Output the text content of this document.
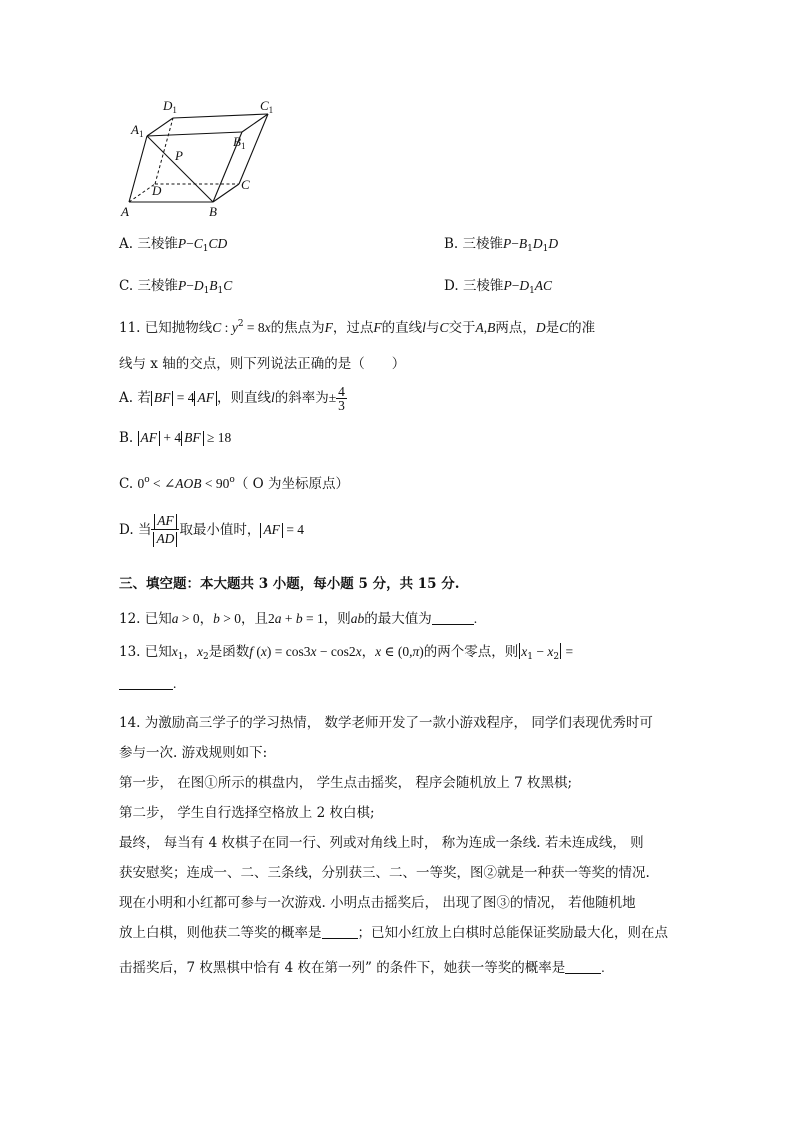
$D_1$	$C_1$
$A_1$	$B_1$
P
D	C
A	B
A. 三棱锥$P-C_1CD$	B. 三棱锥$P-B_1D_1D$
C. 三棱锥$P-D_1B_1C$	D. 三棱锥$P-D_1AC$
11. 已知抛物线C : $y^2 = 8x$的焦点为F，过点F的直线l与C交于A,B两点，D是C的准
线与 x 轴的交点，则下列说法正确的是（　　）
A. 若 BF = 4 AF ，则直线l的斜率为± $\frac{4}{3}$
B. AF + 4 BF ≥ 18
C. $0^o$ < ∠AOB < $90^o$（ O 为坐标原点）
D. 当 $\frac{AF}{AD}$ 取最小值时， AF = 4
三、填空题：本大题共 3 小题，每小题 5 分，共 15 分.
12. 已知a > 0，b > 0，且2a + b = 1，则ab的最大值为	.
13. 已知$x_1$，$x_2$是函数f (x) = cos3x − cos2x，x ∈ (0,π)的两个零点，则 $x_1 - x_2$ =
.
14. 为激励高三学子的学习热情， 数学老师开发了一款小游戏程序， 同学们表现优秀时可
参与一次. 游戏规则如下:
第一步， 在图①所示的棋盘内， 学生点击摇奖， 程序会随机放上 7 枚黑棋;
第二步， 学生自行选择空格放上 2 枚白棋;
最终， 每当有 4 枚棋子在同一行、列或对角线上时， 称为连成一条线. 若未连成线， 则
获安慰奖；连成一、二、三条线，分别获三、二、一等奖，图②就是一种获一等奖的情况.
现在小明和小红都可参与一次游戏. 小明点击摇奖后， 出现了图③的情况， 若他随机地
放上白棋，则他获二等奖的概率是	；已知小红放上白棋时总能保证奖励最大化，则在点
击摇奖后，7 枚黑棋中恰有 4 枚在第一列” 的条件下，她获一等奖的概率是	.
